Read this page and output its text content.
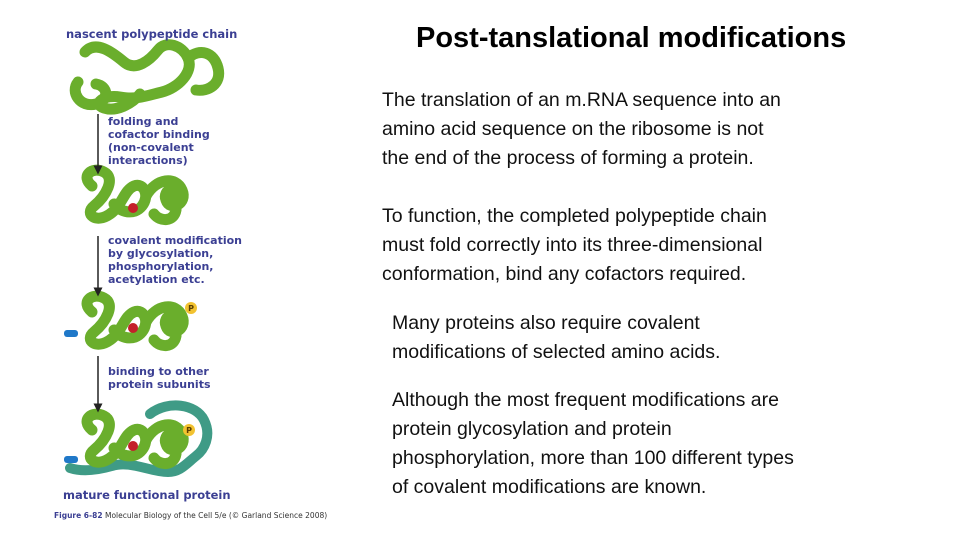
Post-tanslational modifications
The translation of an m.RNA sequence into an
amino acid sequence on the ribosome is not
the end of the process of forming a protein.
To function, the completed polypeptide chain
must fold correctly into its three-dimensional
conformation, bind any cofactors required.
Many proteins also require covalent
modifications of selected amino acids.
Although the most frequent modifications are
protein glycosylation and protein
phosphorylation, more than 100 different types
of covalent modifications are known.
P
P
nascent polypeptide chain
folding and
cofactor binding
(non-covalent
interactions)
covalent modification
by glycosylation,
phosphorylation,
acetylation etc.
binding to other
protein subunits
mature functional protein
Figure 6-82 Molecular Biology of the Cell 5/e (© Garland Science 2008)
